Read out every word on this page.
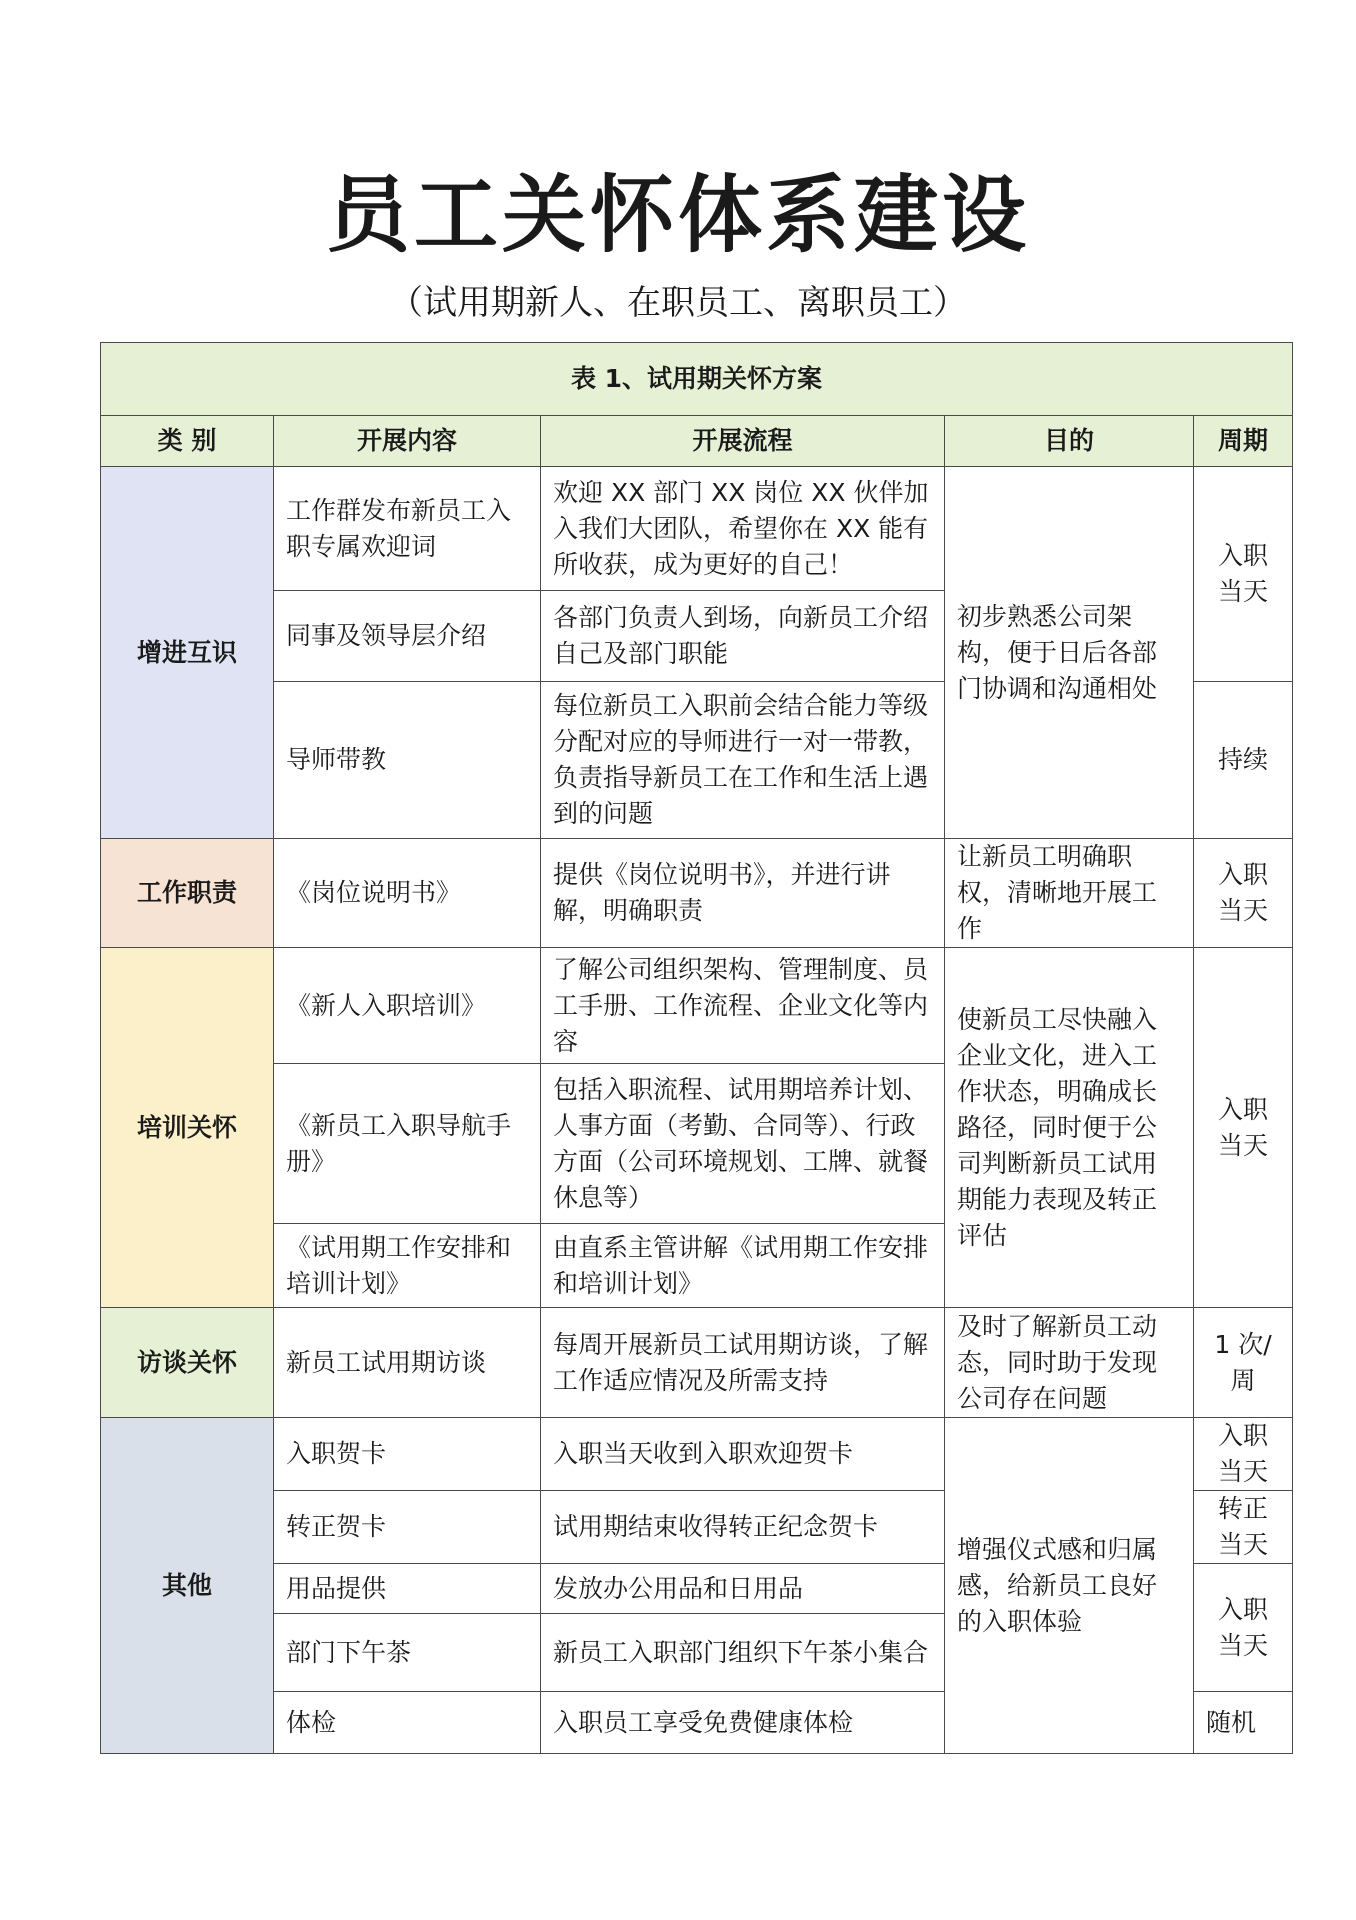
员工关怀体系建设
（试用期新人、在职员工、离职员工）
表 1、试用期关怀方案				
类 别	开展内容	开展流程	目的	周期
增进互识	工作群发布新员工入职专属欢迎词	欢迎 XX 部门 XX 岗位 XX 伙伴加入我们大团队，希望你在 XX 能有所收获，成为更好的自己！	初步熟悉公司架构，便于日后各部门协调和沟通相处	入职当天
	同事及领导层介绍	各部门负责人到场，向新员工介绍自己及部门职能		
	导师带教	每位新员工入职前会结合能力等级分配对应的导师进行一对一带教，负责指导新员工在工作和生活上遇到的问题		持续
工作职责	《岗位说明书》	提供《岗位说明书》，并进行讲解，明确职责	让新员工明确职权，清晰地开展工作	入职当天
培训关怀	《新人入职培训》	了解公司组织架构、管理制度、员工手册、工作流程、企业文化等内容	使新员工尽快融入企业文化，进入工作状态，明确成长路径，同时便于公司判断新员工试用期能力表现及转正评估	入职当天
	《新员工入职导航手册》	包括入职流程、试用期培养计划、人事方面（考勤、合同等）、行政方面（公司环境规划、工牌、就餐休息等）		
	《试用期工作安排和培训计划》	由直系主管讲解《试用期工作安排和培训计划》		
访谈关怀	新员工试用期访谈	每周开展新员工试用期访谈，了解工作适应情况及所需支持	及时了解新员工动态，同时助于发现公司存在问题	1 次/周
其他	入职贺卡	入职当天收到入职欢迎贺卡	增强仪式感和归属感，给新员工良好的入职体验	入职当天
	转正贺卡	试用期结束收得转正纪念贺卡		转正当天
	用品提供	发放办公用品和日用品		入职当天
	部门下午茶	新员工入职部门组织下午茶小集合		
	体检	入职员工享受免费健康体检		随机
